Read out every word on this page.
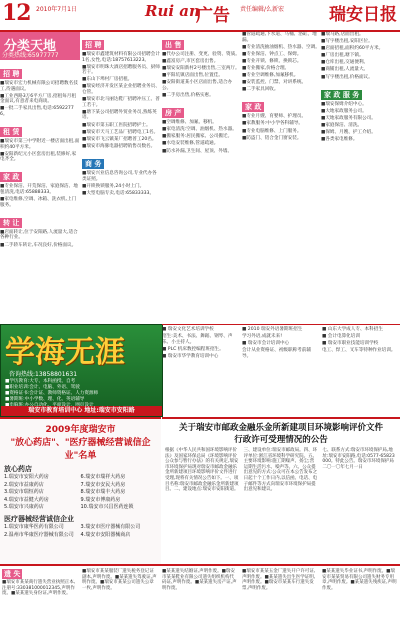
12 2010年7月1日	Rui an
广告 责任编辑/么新宏	瑞安日报
分类天地
分类热线:65977777
招 聘
■瑞安市宏力机械有限公司招聘数名技工,待遇面议。
■工业西路3万6平方厂房,招租每月租金面议,有意者来电商谈。
■一批二手家具出售,电话:65922776。
租 赁
■瑞安市第三中学附近一楼店面出租,面积约40平方米。
■安阳新纪元小区套房出租,装修好,家电齐全。
家 政
■专业保洁、开荒保洁、家庭保洁、地毯清洗,电话:65888333。
■家电维修,空调、冰箱、洗衣机,上门服务。
转 让
■店面转让,位于安阳路,人流量大,适合各种行业。
■二手轿车转让,车况良好,价格面议。
招 聘
■瑞安市鑫建筑材料有限公司招聘会计1名,女性,电话:18757613223。
■瑞安市明珠大酒店招聘服务员、厨师若干。
■东山下埠村厂房招租。
■瑞安经济开发区某企业招聘业务员、仓管。
■瑞安市北马丽达鞋厂招聘冲压工、普工若干。
■塘下某公司招聘外贸业务员,熟练英语。
■瑞安市第五职工医院招聘护士。
■瑞安市天马工艺品厂招聘电工1名。
■瑞安市飞云镇某厂招聘普工20名。
■瑞安市海豚电器招聘销售员数名。
商 务
■瑞安兴业信息咨询公司,专业代办各类证照。
■开锁换锁服务,24小时上门。
■大型电脑专卖,电话:65833333。
出 售
■代办公司注册、变更、验资、资质。
■鑫富房产,市区套房出售。
■瑞安安阳新村2号楼出售,三室两厅。
■平阳坑镇店面出售,位置佳。
■安阳街道某小区店面出售,适合办公。
■二手房出售,价格实惠。
房 产
■空调维修、加氟、移机。
■家电清洗:空调、油烟机、热水器。
■搬家服务:居民搬家、公司搬迁。
■水电安装维修,管道疏通。
■防水补漏,卫生间、屋顶、外墙。
■管道疏通,下水道、马桶、浴缸、地漏。
■专业清洗抽油烟机、热水器、空调。
■专业保洁、钟点工、保姆。
■专业开锁、修锁、换锁芯。
■专业搬家,价格合理。
■专业空调维修,加氟移机。
■安装监控、门禁、对讲系统。
■二手家具回收。
家 政
■专业月嫂、育婴师、护理员。
■家教服务:中小学各科辅导。
■专业电脑维修、上门服务。
■防盗门、铝合金门窗安装。
■瑞马路,店面出租。
■写字楼出租,安阳区位。
■店面招租,面积约60平方米。
■厂房出租,塘下镇。
■仓库出租,交通便利。
■商铺出租,人流量大。
■写字楼出租,价格面议。
家 政 服 务
■瑞安保姆介绍中心。
■大地家政服务公司。
■天地家政服务有限公司。
■家庭保洁、清洗。
■保姆、月嫂、护工介绍。
■各类家电维修。
学海无涯
咨询热线:13858801631
■学历教育:大专、本科函授、自考
■职业培训:会计、电脑、外语、驾驶
■资格证书:会计证、教师资格证、人力资源师
■暑期班:中小学数、理、化、英语辅导
瑞安市教育培训中心 地址:瑞安市安阳路
■ 瑞安文化艺术培训学校
招生:美术、书法、舞蹈、钢琴、声乐、小主持人。
■ PLC 机床数控编程班招生。
■ 瑞安市华学教育培训中心
■ 2010 瑞安外语暑期班招生
学习外语,成就未来!
■ 瑞安市会计培训中心
会计从业资格证、初级职称考前辅导。
■ 山东大学成人专、本科招生
■ 会计电算化培训
■ 瑞安市职业技能培训学校
电工、焊工、叉车等特种作业培训。
2009年度瑞安市
"放心药店"、"医疗器械经营诚信企业"名单
放心药店
1.瑞安市安阳大药房	6.瑞安市瑞祥大药房
2.瑞安市益康药店	7.瑞安市安民大药房
3.瑞安市瑞恒药店	8.瑞安市瑞丰大药房
4.瑞安市益健大药房	9.瑞安市博康药房
5.瑞安市兴康药店	10.瑞安市兴昌医药连锁
医疗器械经营诚信企业
1.瑞安市康华医药有限公司	3.瑞安市医疗器械有限公司
2.温州市华康医疗器械有限公司	4.瑞安市安阳器械商店
关于瑞安市邮政金融乐金所新建项目环境影响评价文件
行政许可受理情况的公告
根据《中华人民共和国环境影响评价法》及国家环保总局《环境影响评价公众参与暂行办法》的有关规定,瑞安市环境保护局现对瑞安市邮政金融乐金所新建项目环境影响评价文件进行受理,现将有关情况公告如下。一、项目名称:瑞安市邮政金融乐金所新建项目。二、建设地点:瑞安市安阳街道。
三、建设单位:瑞安市邮政局。四、环评单位:浙江省环境科学研究院。五、主要环境影响:施工期噪声、扬尘;营运期生活污水、噪声等。六、公众提出意见的方式:公众可在本公告发布之日起十个工作日内,以信函、电话、电子邮件等方式向瑞安市环境保护局提出意见和建议。
七、联系方式:瑞安市环境保护局,地址:瑞安市安阳路,电话:0577-65823000。特此公告。瑞安市环境保护局 二〇一〇年七月一日
遗 失
■瑞安市某某商行遗失营业执照正本,注册号:330381000012345,声明作废。■某某遗失身份证,声明作废。
■瑞安市某某服装厂遗失税务登记证副本,声明作废。■某某遗失驾驶证,声明作废。■瑞安市某某公司遗失公章一枚,声明作废。
■某某遗失结婚证,声明作废。■瑞安市某某鞋业有限公司遗失组织机构代码证,声明作废。■某某遗失房产证,声明作废。
■瑞安市某某五金厂遗失开户许可证,声明作废。■某某遗失出生医学证明,声明作废。■瑞安市某某车行遗失发票,声明作废。
■某某遗失毕业证书,声明作废。■瑞安市某某贸易有限公司遗失财务专用章,声明作废。■某某遗失残疾证,声明作废。
